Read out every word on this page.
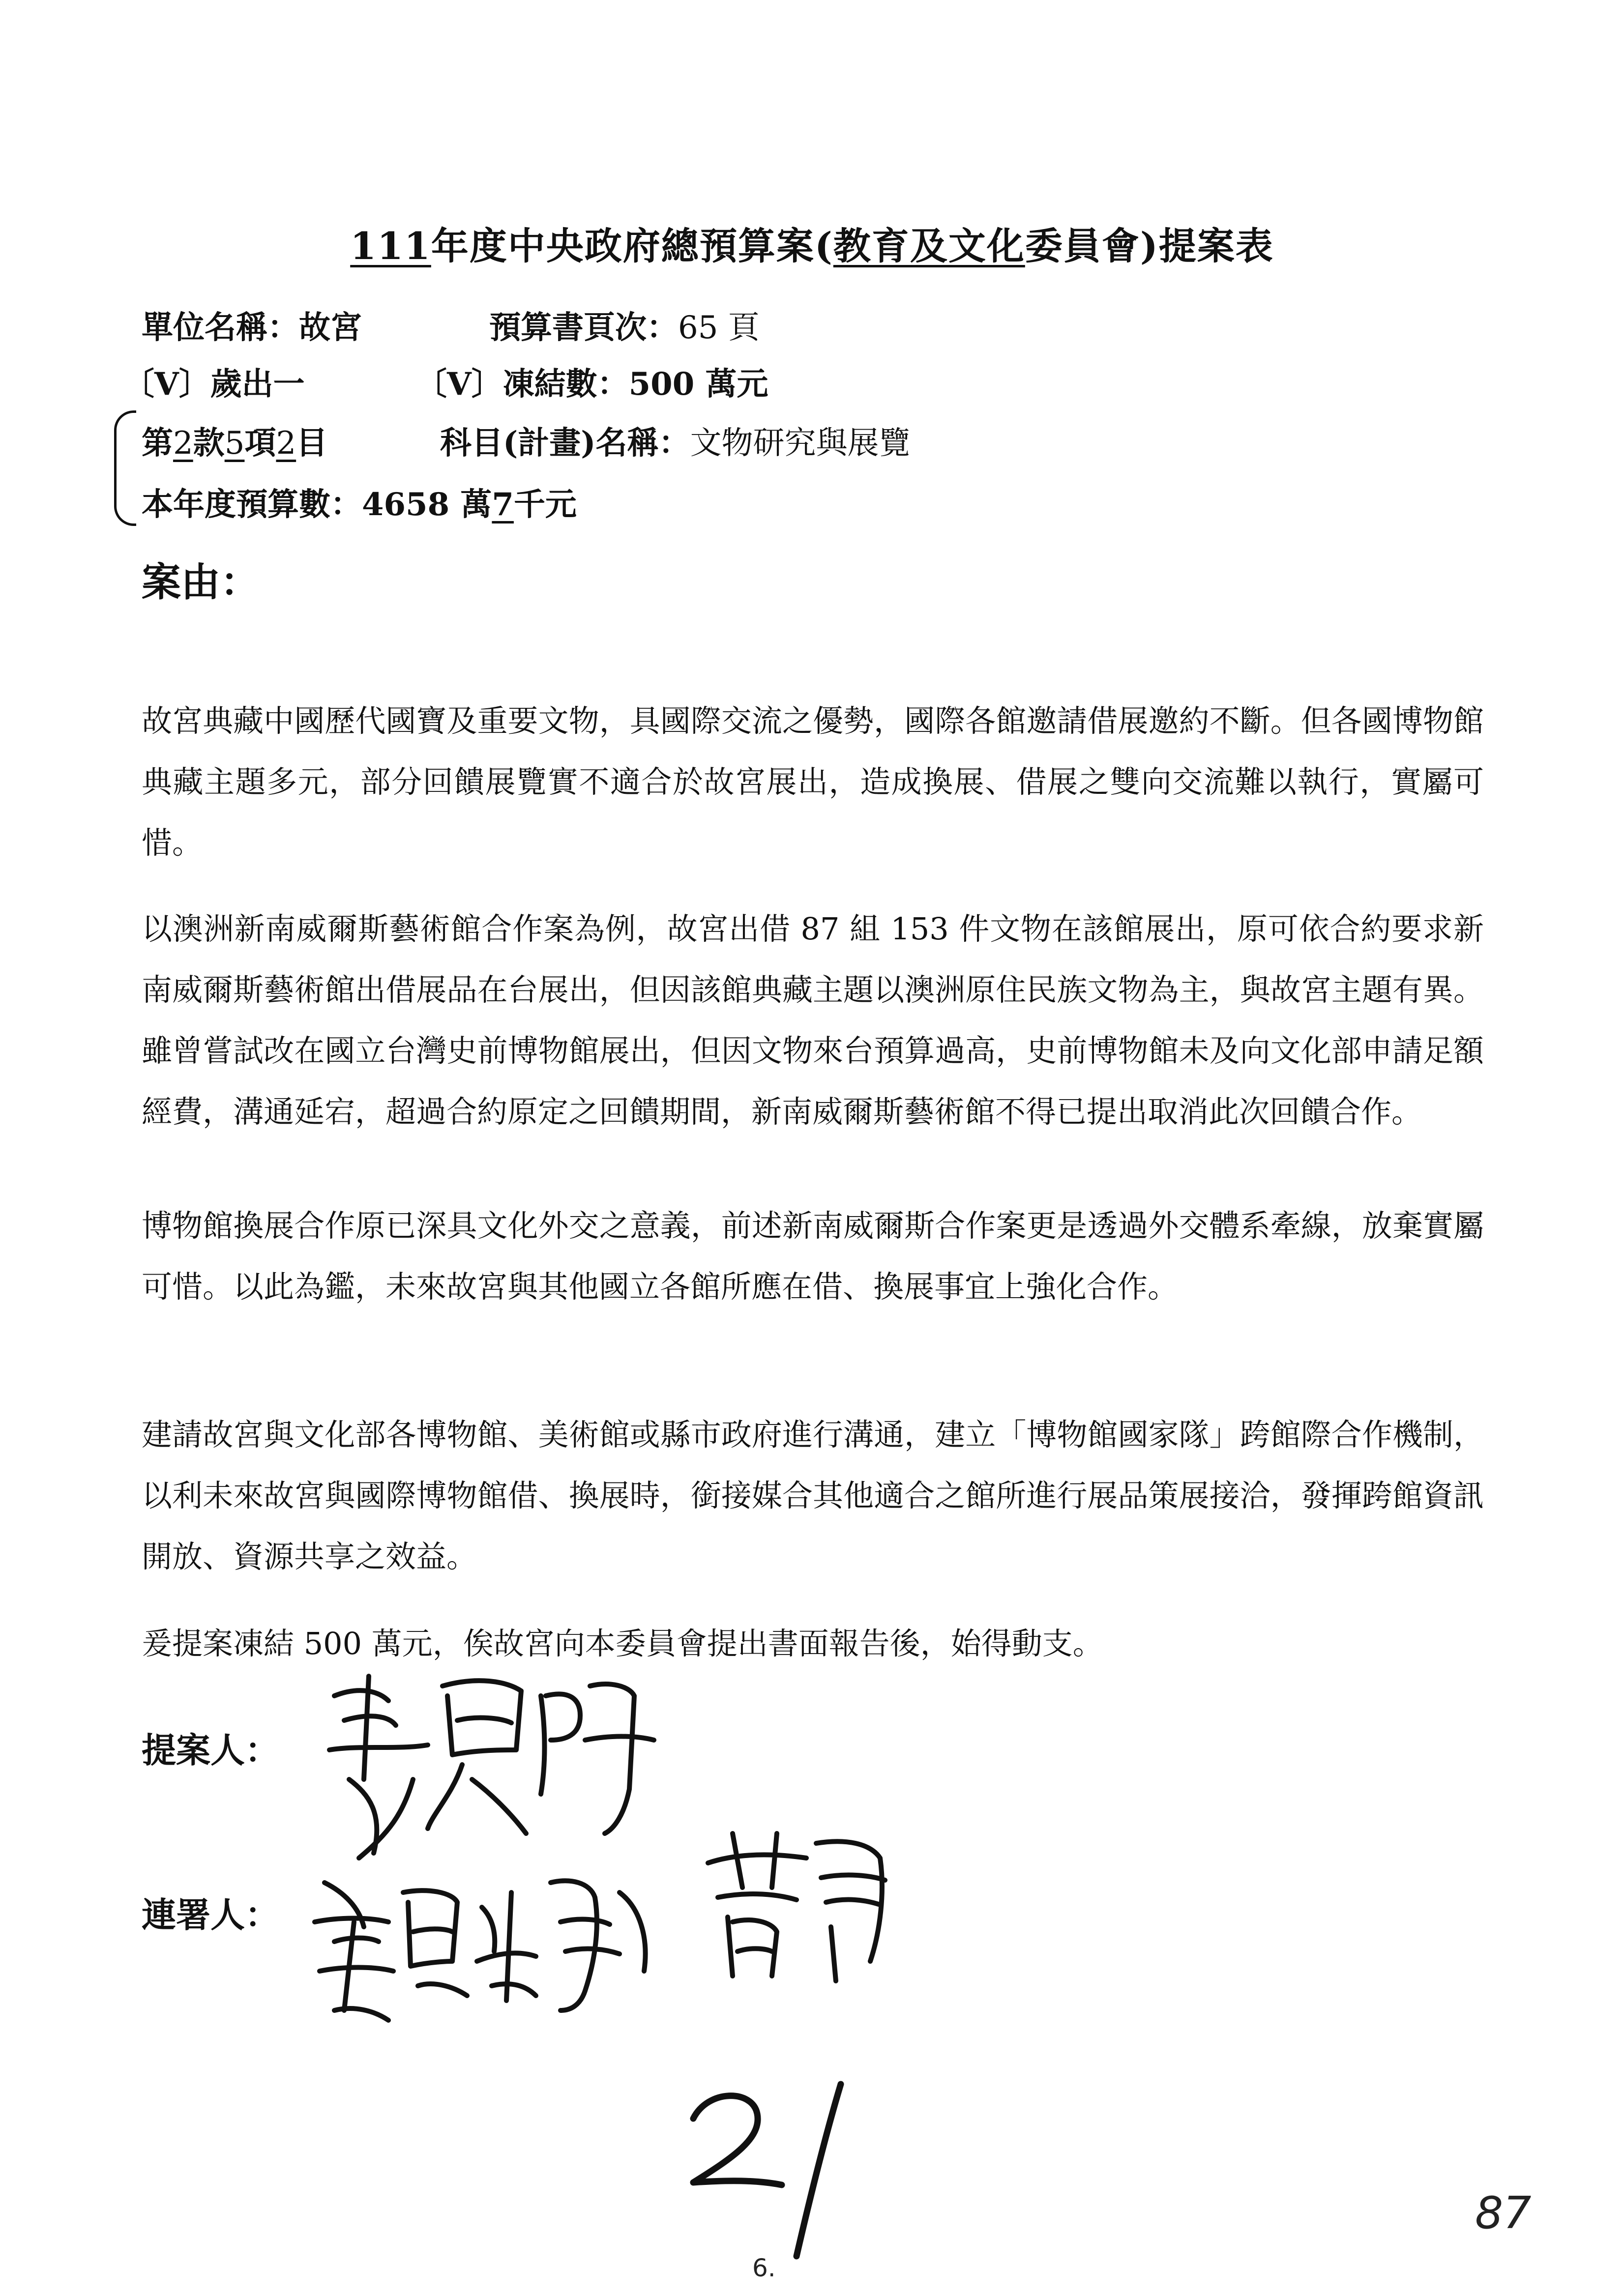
111年度中央政府總預算案(教育及文化委員會)提案表
單位名稱：故宮	預算書頁次：65 頁
〔V〕歲出一	〔V〕凍結數：500 萬元
第2款5項2目	科目(計畫)名稱：文物研究與展覽
本年度預算數：4658 萬7千元
案由：
故宮典藏中國歷代國寶及重要文物，具國際交流之優勢，國際各館邀請借展邀約不斷。但各國博物館典藏主題多元，部分回饋展覽實不適合於故宮展出，造成換展、借展之雙向交流難以執行，實屬可惜。
以澳洲新南威爾斯藝術館合作案為例，故宮出借 87 組 153 件文物在該館展出，原可依合約要求新南威爾斯藝術館出借展品在台展出，但因該館典藏主題以澳洲原住民族文物為主，與故宮主題有異。雖曾嘗試改在國立台灣史前博物館展出，但因文物來台預算過高，史前博物館未及向文化部申請足額經費，溝通延宕，超過合約原定之回饋期間，新南威爾斯藝術館不得已提出取消此次回饋合作。
博物館換展合作原已深具文化外交之意義，前述新南威爾斯合作案更是透過外交體系牽線，放棄實屬可惜。以此為鑑，未來故宮與其他國立各館所應在借、換展事宜上強化合作。
建請故宮與文化部各博物館、美術館或縣市政府進行溝通，建立「博物館國家隊」跨館際合作機制，以利未來故宮與國際博物館借、換展時，銜接媒合其他適合之館所進行展品策展接洽，發揮跨館資訊開放、資源共享之效益。
爰提案凍結 500 萬元，俟故宮向本委員會提出書面報告後，始得動支。
提案人：
連署人：
21
87
6.
